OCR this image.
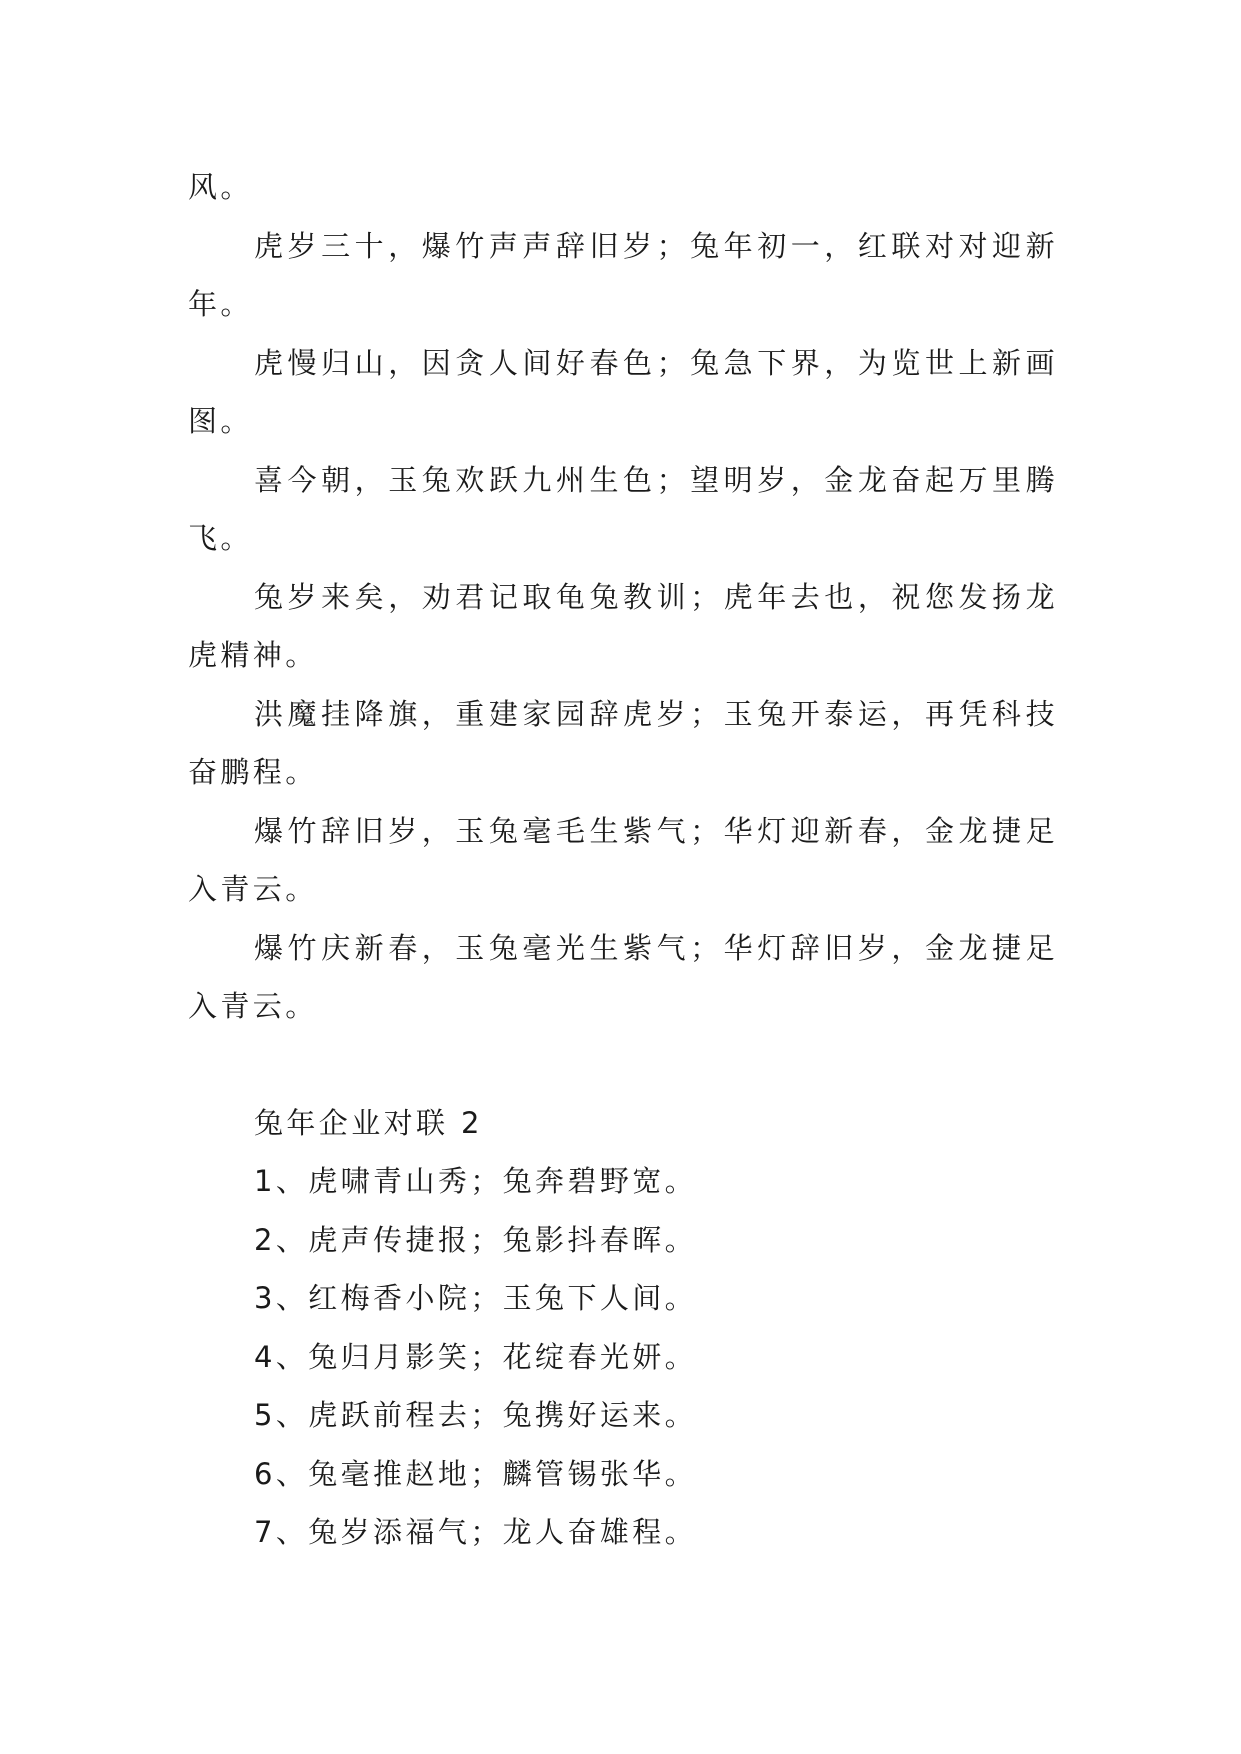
风。

虎岁三十，爆竹声声辞旧岁；兔年初一，红联对对迎新年。

虎慢归山，因贪人间好春色；兔急下界，为览世上新画图。

喜今朝，玉兔欢跃九州生色；望明岁，金龙奋起万里腾飞。

兔岁来矣，劝君记取龟兔教训；虎年去也，祝您发扬龙虎精神。

洪魔挂降旗，重建家园辞虎岁；玉兔开泰运，再凭科技奋鹏程。

爆竹辞旧岁，玉兔毫毛生紫气；华灯迎新春，金龙捷足入青云。

爆竹庆新春，玉兔毫光生紫气；华灯辞旧岁，金龙捷足入青云。

兔年企业对联 2

1、虎啸青山秀；兔奔碧野宽。
2、虎声传捷报；兔影抖春晖。
3、红梅香小院；玉兔下人间。
4、兔归月影笑；花绽春光妍。
5、虎跃前程去；兔携好运来。
6、兔毫推赵地；麟管锡张华。
7、兔岁添福气；龙人奋雄程。
